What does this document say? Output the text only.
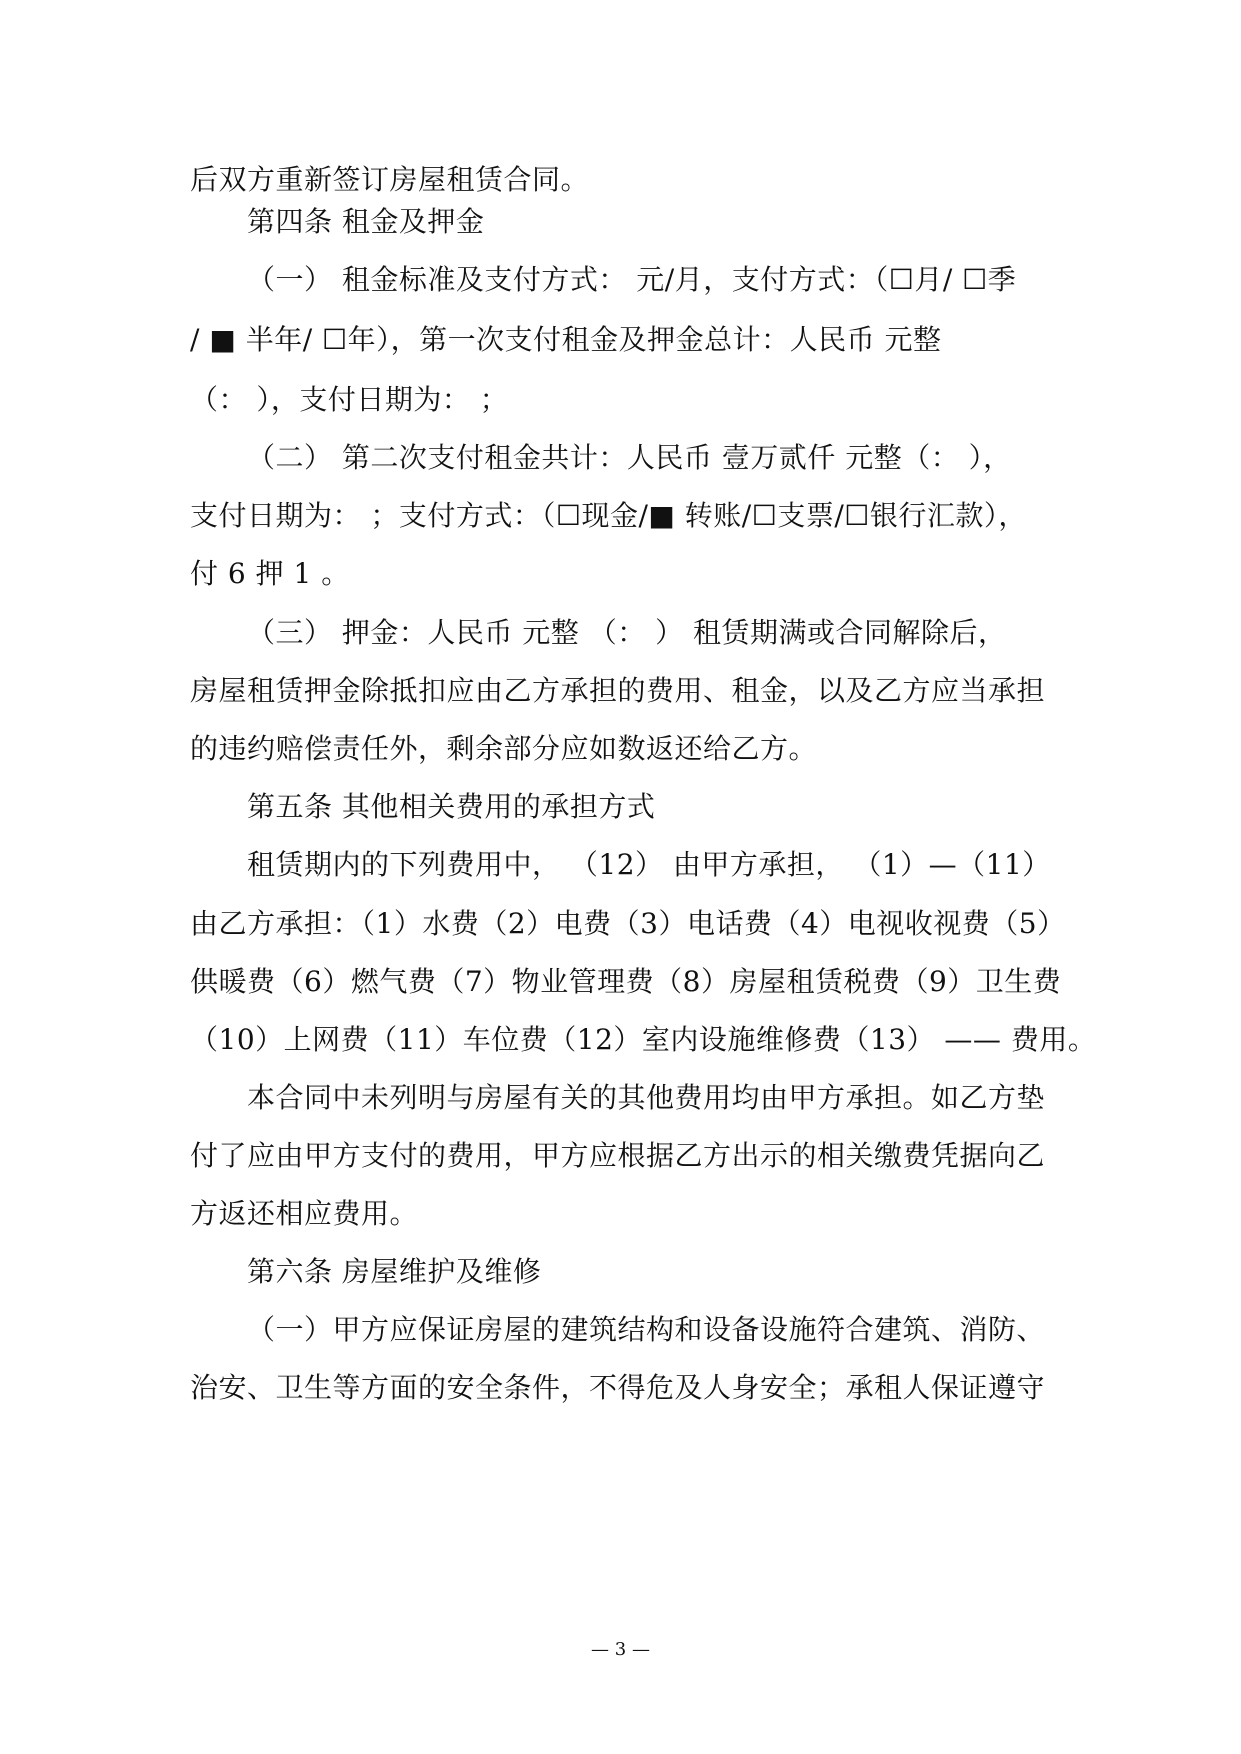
后双方重新签订房屋租赁合同。
第四条 租金及押金
（一） 租金标准及支付方式： 元/月，支付方式：（☐月/ ☐季
/ ■ 半年/ ☐年），第一次支付租金及押金总计：人民币 元整
（： ），支付日期为： ；
（二） 第二次支付租金共计：人民币 壹万贰仟 元整（： ），
支付日期为： ；支付方式：（☐现金/■ 转账/☐支票/☐银行汇款），
付 6 押 1 。
（三） 押金：人民币 元整 （： ） 租赁期满或合同解除后，
房屋租赁押金除抵扣应由乙方承担的费用、租金，以及乙方应当承担
的违约赔偿责任外，剩余部分应如数返还给乙方。
第五条 其他相关费用的承担方式
租赁期内的下列费用中， （12） 由甲方承担， （1）—（11）
由乙方承担：（1）水费（2）电费（3）电话费（4）电视收视费（5）
供暖费（6）燃气费（7）物业管理费（8）房屋租赁税费（9）卫生费
（10）上网费（11）车位费（12）室内设施维修费（13） —— 费用。
本合同中未列明与房屋有关的其他费用均由甲方承担。如乙方垫
付了应由甲方支付的费用，甲方应根据乙方出示的相关缴费凭据向乙
方返还相应费用。
第六条 房屋维护及维修
（一）甲方应保证房屋的建筑结构和设备设施符合建筑、消防、
治安、卫生等方面的安全条件，不得危及人身安全；承租人保证遵守
— 3 —
